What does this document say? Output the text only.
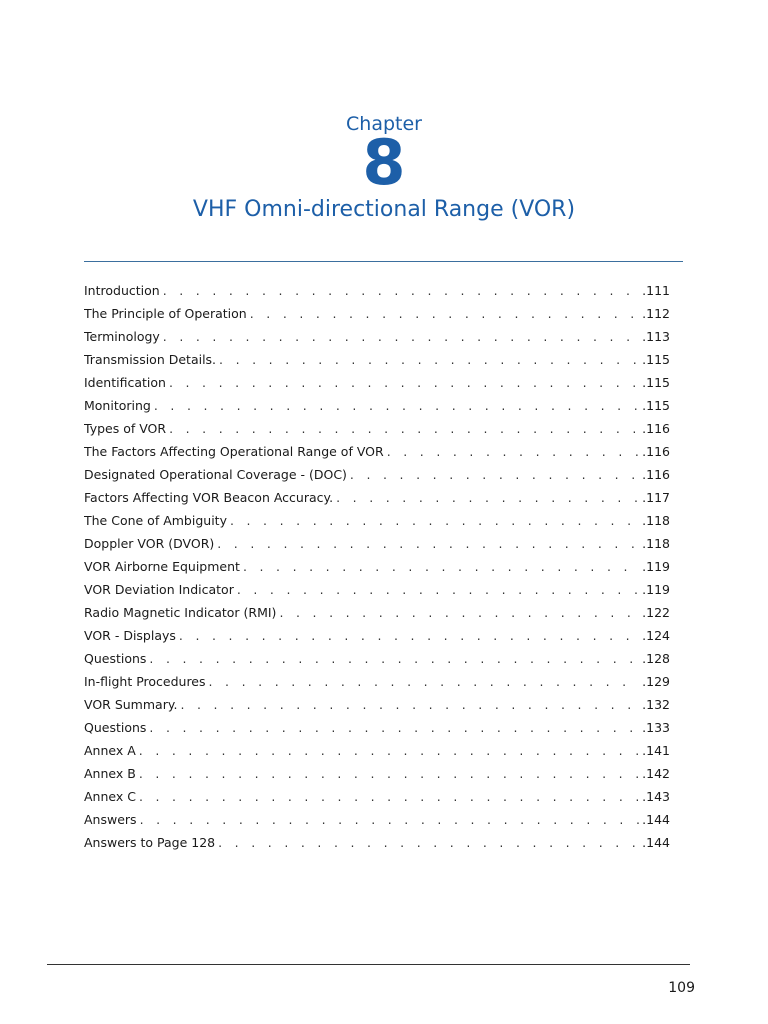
Chapter
8
VHF Omni-directional Range (VOR)
Introduction . . .	.111
The Principle of Operation . . .	.112
Terminology . . .	.113
Transmission Details. . . .	.115
Identification . . .	.115
Monitoring . . .	.115
Types of VOR . . .	.116
The Factors Affecting Operational Range of VOR . . .	.116
Designated Operational Coverage - (DOC) . . .	.116
Factors Affecting VOR Beacon Accuracy. . . .	.117
The Cone of Ambiguity . . .	.118
Doppler VOR (DVOR) . . .	.118
VOR Airborne Equipment . . .	.119
VOR Deviation Indicator . . .	.119
Radio Magnetic Indicator (RMI) . . .	.122
VOR - Displays . . .	.124
Questions . . .	.128
In-flight Procedures . . .	.129
VOR Summary. . . .	.132
Questions . . .	.133
Annex A . . .	.141
Annex B . . .	.142
Annex C . . .	.143
Answers . . .	.144
Answers to Page 128 . . .	.144
109
